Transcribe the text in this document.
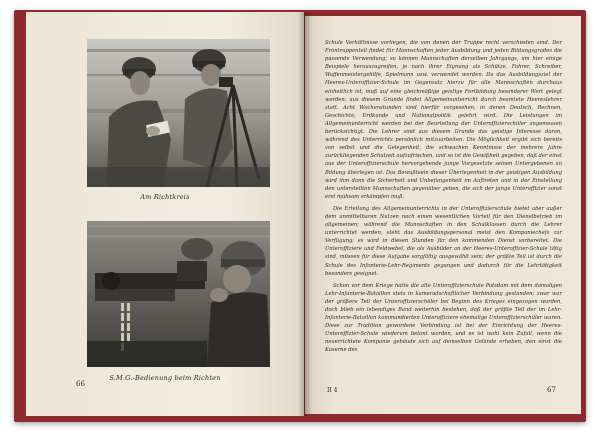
Am Richtkreis
S.M.G.-Bedienung beim Richten
66

Schule Verhältnisse vorliegen, die von denen der Truppe recht verschieden sind. Der Frontruppenteil findet für Mannschaften jeder Ausbildung und jeden Bildungsgrades die passende Verwendung; so können Mannschaften derselben Jahrgangs, um hier einige Beispiele herauszugreifen, je nach ihrer Eignung als Schütze, Fahrer, Schreiber, Waffenmeistergehilfe, Spielmann usw. verwendet werden. Da das Ausbildungsziel der Heeres-Unteroffizier-Schule im Gegensatz hierzu für alle Mannschaften durchaus einheitlich ist, muß auf eine gleichmäßige geistige Fortbildung besonderer Wert gelegt werden; aus diesem Grunde findet Allgemeinunterricht durch beamtete Heereslehrer statt. Acht Wochenstunden sind hierfür vorgesehen, in denen Deutsch, Rechnen, Geschichte, Erdkunde und Nationalpolitik gelehrt wird. Die Leistungen im Allgemeinunterricht werden bei der Beurteilung der Unteroffizierschüler angemessen berücksichtigt. Die Lehrer sind aus diesem Grunde das geistige Interesse daran, während des Unterrichts persönlich mitzuarbeiten. Die Möglichkeit ergibt sich bereits von selbst und die Gelegenheit, die schwachen Kenntnisse der mehrere Jahre zurückliegenden Schulzeit aufzufrischen, und so ist die Gewißheit gegeben, daß der einst aus der Unteroffizierschule hervorgehende junge Vorgesetzte seinen Untergebenen an Bildung überlegen ist. Das Bewußtsein dieser Überlegenheit in der geistigen Ausbildung wird ihm dann die Sicherheit und Unbefangenheit im Auftreten und in der Einstellung den unterstellten Mannschaften gegenüber geben, die sich der junge Unteroffizier sonst erst mühsam erkämpfen muß.

Die Erteilung des Allgemeinunterrichts in der Unteroffizierschule bietet aber außer dem unmittelbaren Nutzen noch einen wesentlichen Vorteil für den Dienstbetrieb im allgemeinen; während die Mannschaften in den Schulklassen durch die Lehrer unterrichtet werden, steht das Ausbildungspersonal meist den Kompaniechefs zur Verfügung; es wird in diesen Stunden für den kommenden Dienst vorbereitet. Die Unteroffiziere und Feldwebel, die als Ausbilder an der Heeres-Unteroffizier-Schule tätig sind, müssen für diese Aufgabe sorgfältig ausgewählt sein; der größte Teil ist durch die Schule des Infanterie-Lehr-Regiments gegangen und dadurch für die Lehrtätigkeit besonders geeignet.

Schon vor dem Kriege hatte die alte Unteroffizierschule Potsdam mit dem damaligen Lehr-Infanterie-Bataillon stets in kameradschaftlicher Verbindung gestanden; zwar war der größere Teil der Unteroffizierschüler bei Beginn des Krieges eingezogen worden, doch blieb ein lebendiges Band weiterhin bestehen, daß der größte Teil der im Lehr-Infanterie-Bataillon kommandierten Unteroffiziere ehemalige Unteroffizierschüler waren. Diese zur Tradition gewordene Verbindung ist bei der Einrichtung der Heeres-Unteroffizier-Schule wiederum betont worden, und es ist wohl kein Zufall, wenn die neuerrichtete Kompanie gebäude sich auf demselben Gelände erheben, den einst die Kaserne des

II 4	67
